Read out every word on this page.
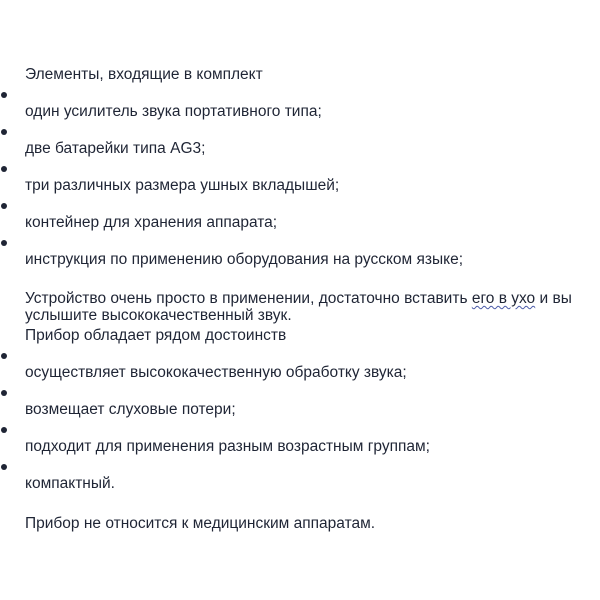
Элементы, входящие в комплект
один усилитель звука портативного типа;
две батарейки типа AG3;
три различных размера ушных вкладышей;
контейнер для хранения аппарата;
инструкция по применению оборудования на русском языке;
Устройство очень просто в применении, достаточно вставить его в ухо и вы
услышите высококачественный звук.
Прибор обладает рядом достоинств
осуществляет высококачественную обработку звука;
возмещает слуховые потери;
подходит для применения разным возрастным группам;
компактный.
Прибор не относится к медицинским аппаратам.
